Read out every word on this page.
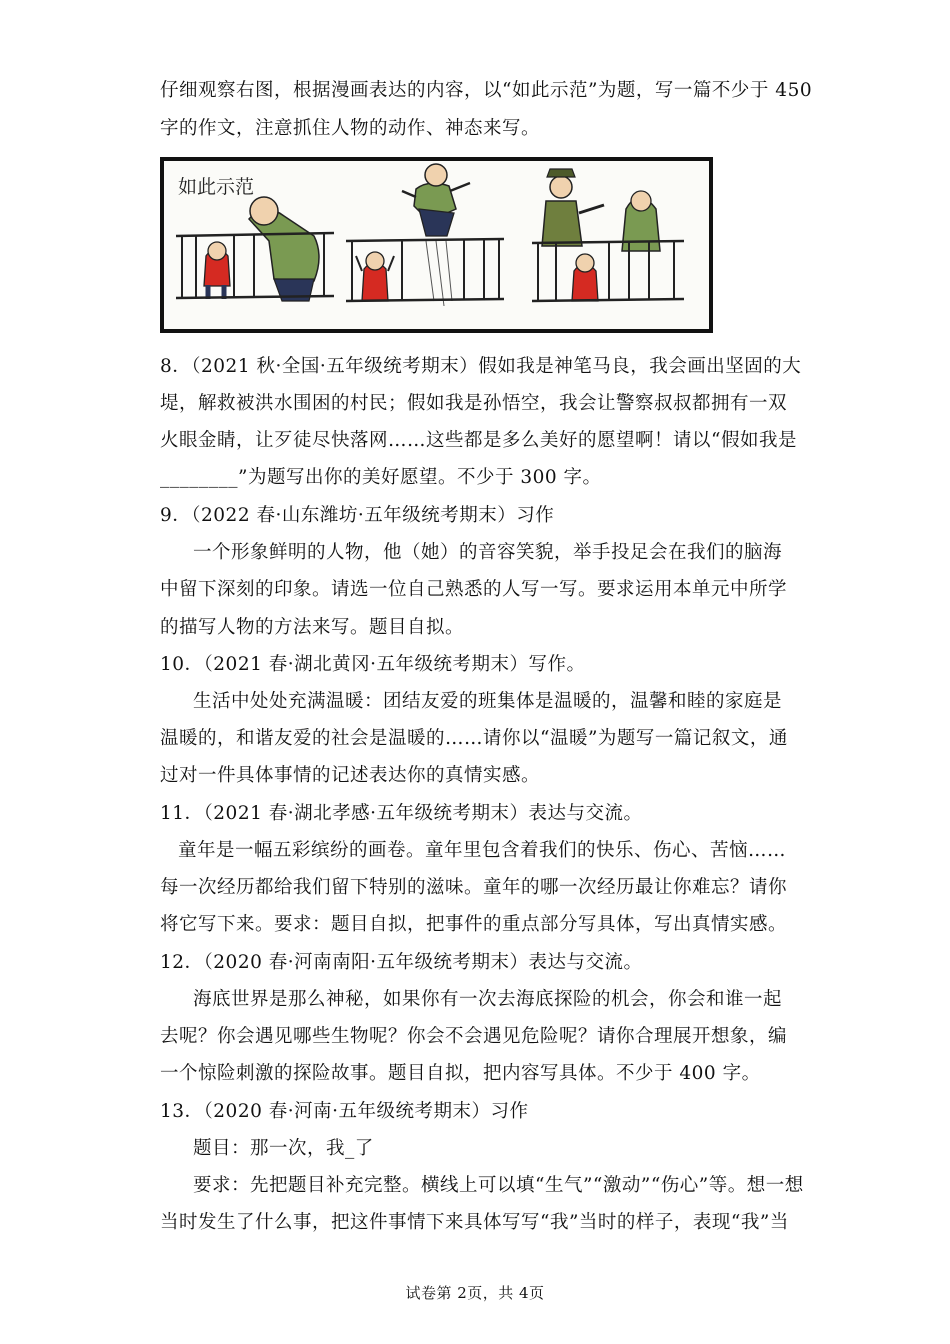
仔细观察右图，根据漫画表达的内容，以“如此示范”为题，写一篇不少于 450
字的作文，注意抓住人物的动作、神态来写。
如此示范
8．（2021 秋·全国·五年级统考期末）假如我是神笔马良，我会画出坚固的大
堤，解救被洪水围困的村民；假如我是孙悟空，我会让警察叔叔都拥有一双
火眼金睛，让歹徒尽快落网……这些都是多么美好的愿望啊！请以“假如我是
________”为题写出你的美好愿望。不少于 300 字。
9．（2022 春·山东潍坊·五年级统考期末）习作
一个形象鲜明的人物，他（她）的音容笑貌，举手投足会在我们的脑海
中留下深刻的印象。请选一位自己熟悉的人写一写。要求运用本单元中所学
的描写人物的方法来写。题目自拟。
10．（2021 春·湖北黄冈·五年级统考期末）写作。
生活中处处充满温暖：团结友爱的班集体是温暖的，温馨和睦的家庭是
温暖的，和谐友爱的社会是温暖的……请你以“温暖”为题写一篇记叙文，通
过对一件具体事情的记述表达你的真情实感。
11．（2021 春·湖北孝感·五年级统考期末）表达与交流。
童年是一幅五彩缤纷的画卷。童年里包含着我们的快乐、伤心、苦恼……
每一次经历都给我们留下特别的滋味。童年的哪一次经历最让你难忘？请你
将它写下来。要求：题目自拟，把事件的重点部分写具体，写出真情实感。
12．（2020 春·河南南阳·五年级统考期末）表达与交流。
海底世界是那么神秘，如果你有一次去海底探险的机会，你会和谁一起
去呢？你会遇见哪些生物呢？你会不会遇见危险呢？请你合理展开想象，编
一个惊险刺激的探险故事。题目自拟，把内容写具体。不少于 400 字。
13．（2020 春·河南·五年级统考期末）习作
题目：那一次，我_了
要求：先把题目补充完整。横线上可以填“生气”“激动”“伤心”等。想一想
当时发生了什么事，把这件事情下来具体写写“我”当时的样子，表现“我”当
试卷第 2页，共 4页
